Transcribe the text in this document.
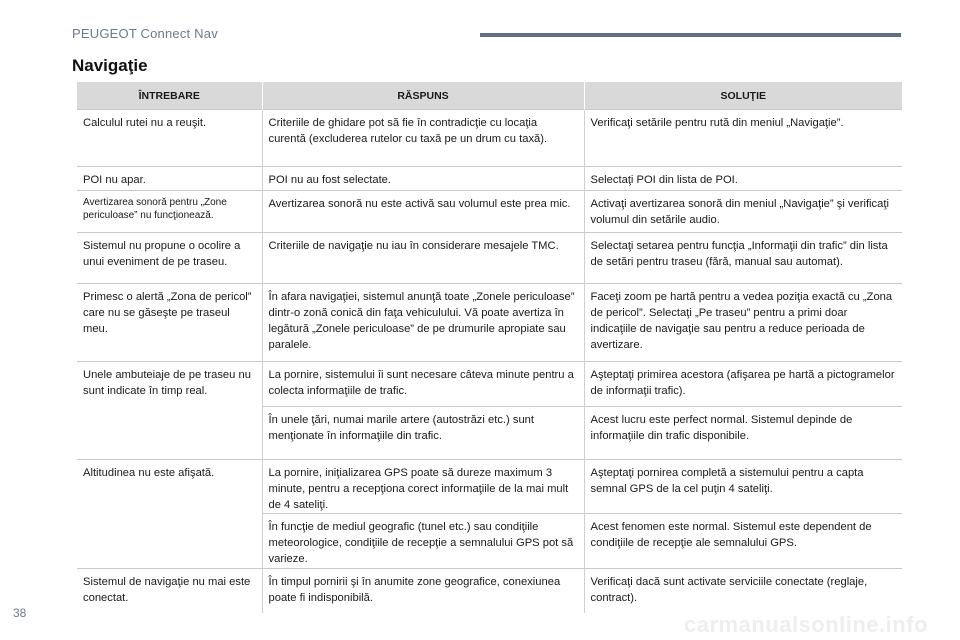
PEUGEOT Connect Nav
Navigaţie
ÎNTREBARE	RĂSPUNS	SOLUŢIE
Calculul rutei nu a reuşit.	Criteriile de ghidare pot să fie în contradicţie cu locaţia curentă (excluderea rutelor cu taxă pe un drum cu taxă).	Verificaţi setările pentru rută din meniul „Navigaţie”.
POI nu apar.	POI nu au fost selectate.	Selectaţi POI din lista de POI.
Avertizarea sonoră pentru „Zone periculoase” nu funcţionează.	Avertizarea sonoră nu este activă sau volumul este prea mic.	Activaţi avertizarea sonoră din meniul „Navigaţie” şi verificaţi volumul din setările audio.
Sistemul nu propune o ocolire a unui eveniment de pe traseu.	Criteriile de navigaţie nu iau în considerare mesajele TMC.	Selectaţi setarea pentru funcţia „Informaţii din trafic” din lista de setări pentru traseu (fără, manual sau automat).
Primesc o alertă „Zona de pericol” care nu se găseşte pe traseul meu.	În afara navigaţiei, sistemul anunţă toate „Zonele periculoase” dintr-o zonă conică din faţa vehiculului. Vă poate avertiza în legătură „Zonele periculoase” de pe drumurile apropiate sau paralele.	Faceţi zoom pe hartă pentru a vedea poziţia exactă cu „Zona de pericol”. Selectaţi „Pe traseu” pentru a primi doar indicaţiile de navigaţie sau pentru a reduce perioada de avertizare.
Unele ambuteiaje de pe traseu nu sunt indicate în timp real.	La pornire, sistemului îi sunt necesare câteva minute pentru a colecta informaţiile de trafic.	Aşteptaţi primirea acestora (afişarea pe hartă a pictogramelor de informaţii trafic).
	În unele ţări, numai marile artere (autostrăzi etc.) sunt menţionate în informaţiile din trafic.	Acest lucru este perfect normal. Sistemul depinde de informaţiile din trafic disponibile.
Altitudinea nu este afişată.	La pornire, iniţializarea GPS poate să dureze maximum 3 minute, pentru a recepţiona corect informaţiile de la mai mult de 4 sateliţi.	Aşteptaţi pornirea completă a sistemului pentru a capta semnal GPS de la cel puţin 4 sateliţi.
	În funcţie de mediul geografic (tunel etc.) sau condiţiile meteorologice, condiţiile de recepţie a semnalului GPS pot să varieze.	Acest fenomen este normal. Sistemul este dependent de condiţiile de recepţie ale semnalului GPS.
Sistemul de navigaţie nu mai este conectat.	În timpul pornirii şi în anumite zone geografice, conexiunea poate fi indisponibilă.	Verificaţi dacă sunt activate serviciile conectate (reglaje, contract).
38	carmanualsonline.info
